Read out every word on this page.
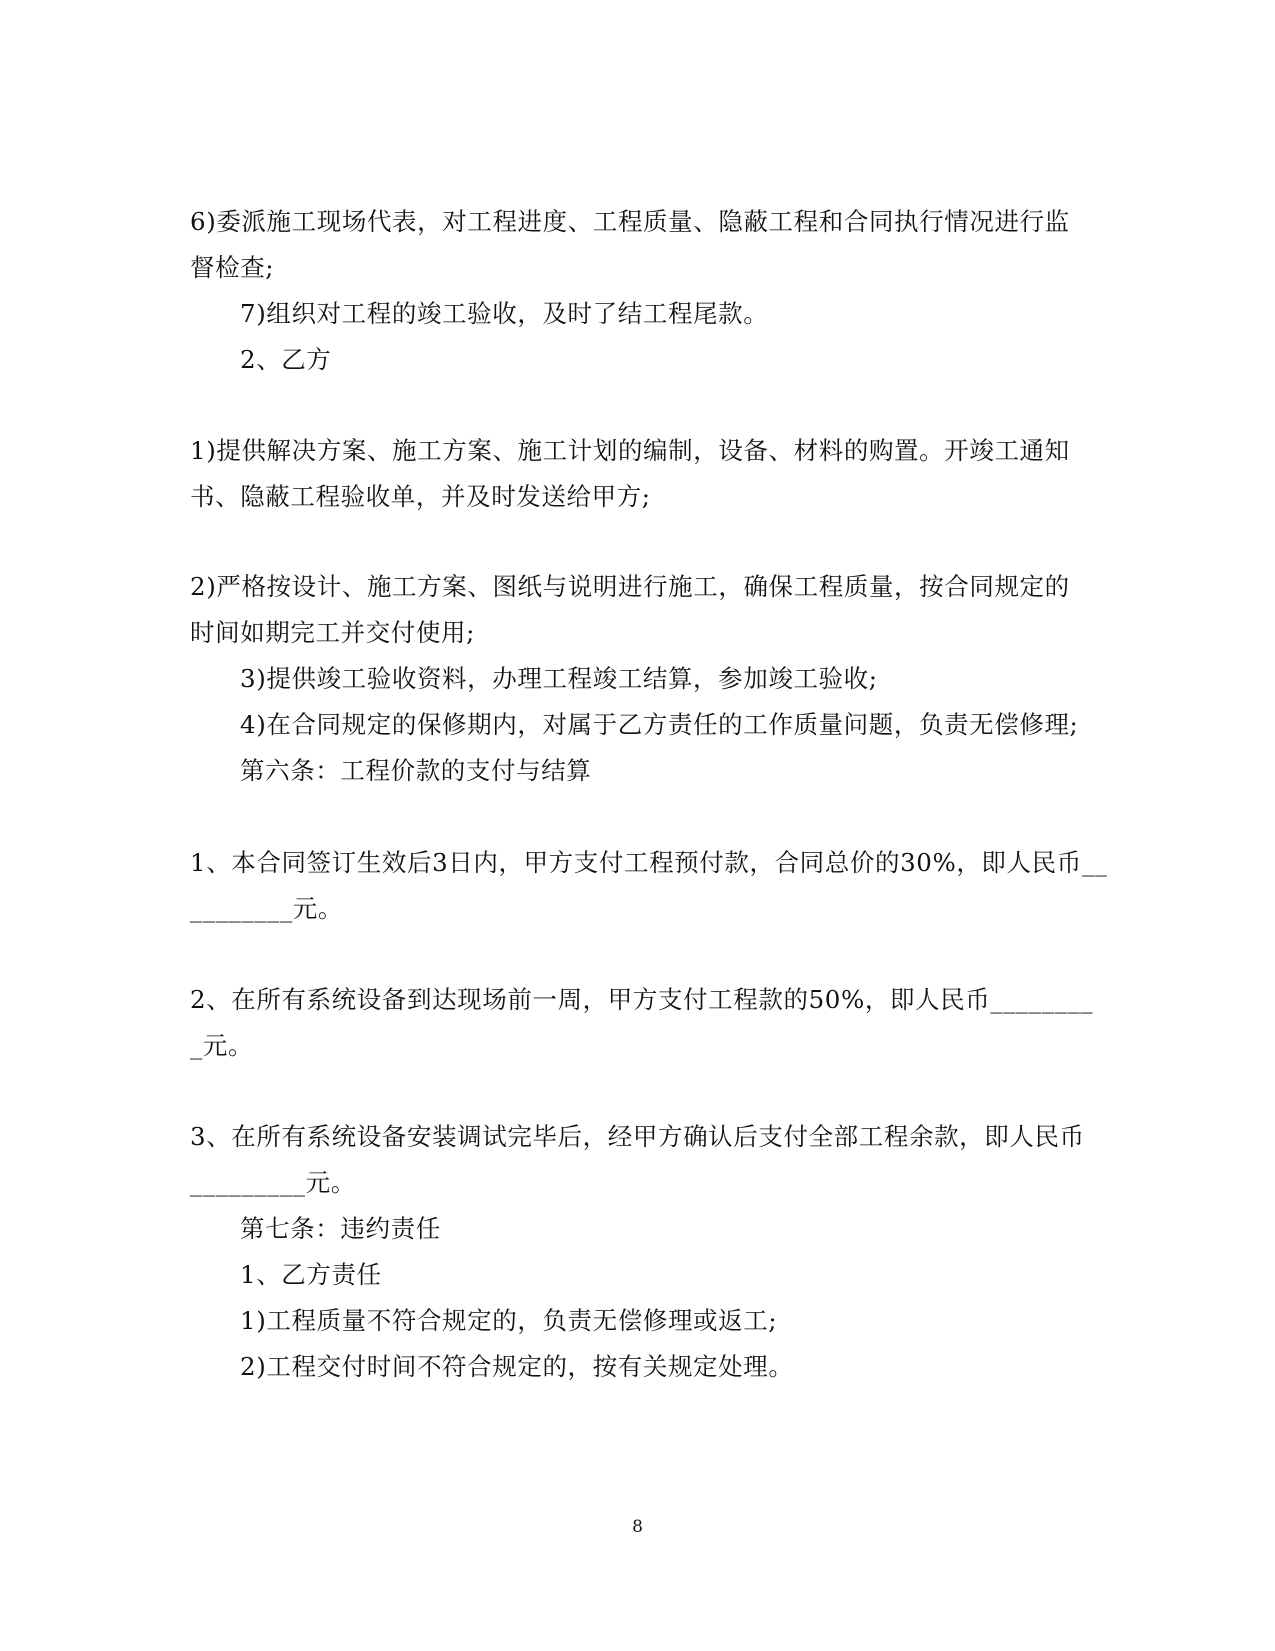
6)委派施工现场代表，对工程进度、工程质量、隐蔽工程和合同执行情况进行监
督检查;
7)组织对工程的竣工验收，及时了结工程尾款。
2、乙方
1)提供解决方案、施工方案、施工计划的编制，设备、材料的购置。开竣工通知
书、隐蔽工程验收单，并及时发送给甲方;
2)严格按设计、施工方案、图纸与说明进行施工，确保工程质量，按合同规定的
时间如期完工并交付使用;
3)提供竣工验收资料，办理工程竣工结算，参加竣工验收;
4)在合同规定的保修期内，对属于乙方责任的工作质量问题，负责无偿修理;
第六条：工程价款的支付与结算
1、本合同签订生效后3日内，甲方支付工程预付款，合同总价的30%，即人民币__
________元。
2、在所有系统设备到达现场前一周，甲方支付工程款的50%，即人民币________
_元。
3、在所有系统设备安装调试完毕后，经甲方确认后支付全部工程余款，即人民币
_________元。
第七条：违约责任
1、乙方责任
1)工程质量不符合规定的，负责无偿修理或返工;
2)工程交付时间不符合规定的，按有关规定处理。
8
